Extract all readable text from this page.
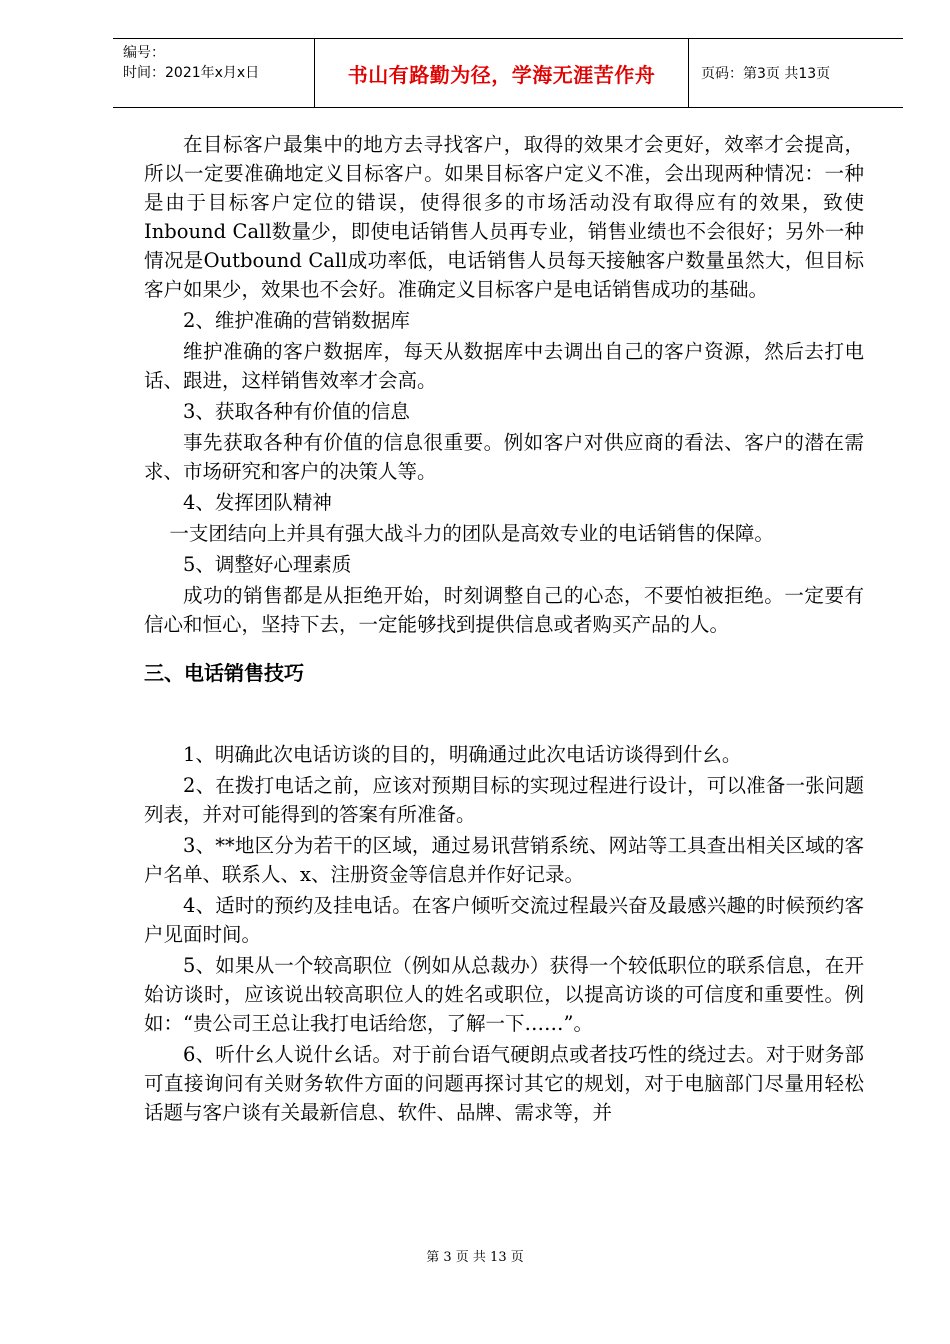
编号：
时间：2021年x月x日	书山有路勤为径，学海无涯苦作舟	页码：第3页 共13页

在目标客户最集中的地方去寻找客户，取得的效果才会更好，效率才会提高，所以一定要准确地定义目标客户。如果目标客户定义不准，会出现两种情况：一种是由于目标客户定位的错误，使得很多的市场活动没有取得应有的效果，致使Inbound Call数量少，即使电话销售人员再专业，销售业绩也不会很好；另外一种情况是Outbound Call成功率低，电话销售人员每天接触客户数量虽然大，但目标客户如果少，效果也不会好。准确定义目标客户是电话销售成功的基础。

2、维护准确的营销数据库

维护准确的客户数据库，每天从数据库中去调出自己的客户资源，然后去打电话、跟进，这样销售效率才会高。

3、获取各种有价值的信息

事先获取各种有价值的信息很重要。例如客户对供应商的看法、客户的潜在需求、市场研究和客户的决策人等。

4、发挥团队精神

一支团结向上并具有强大战斗力的团队是高效专业的电话销售的保障。

5、调整好心理素质

成功的销售都是从拒绝开始，时刻调整自己的心态，不要怕被拒绝。一定要有信心和恒心，坚持下去，一定能够找到提供信息或者购买产品的人。

三、电话销售技巧

1、明确此次电话访谈的目的，明确通过此次电话访谈得到什幺。

2、在拨打电话之前，应该对预期目标的实现过程进行设计，可以准备一张问题列表，并对可能得到的答案有所准备。

3、**地区分为若干的区域，通过易讯营销系统、网站等工具查出相关区域的客户名单、联系人、x、注册资金等信息并作好记录。

4、适时的预约及挂电话。在客户倾听交流过程最兴奋及最感兴趣的时候预约客户见面时间。

5、如果从一个较高职位（例如从总裁办）获得一个较低职位的联系信息，在开始访谈时，应该说出较高职位人的姓名或职位，以提高访谈的可信度和重要性。例如：“贵公司王总让我打电话给您，了解一下……”。

6、听什幺人说什幺话。对于前台语气硬朗点或者技巧性的绕过去。对于财务部可直接询问有关财务软件方面的问题再探讨其它的规划，对于电脑部门尽量用轻松话题与客户谈有关最新信息、软件、品牌、需求等，并

第 3 页 共 13 页
